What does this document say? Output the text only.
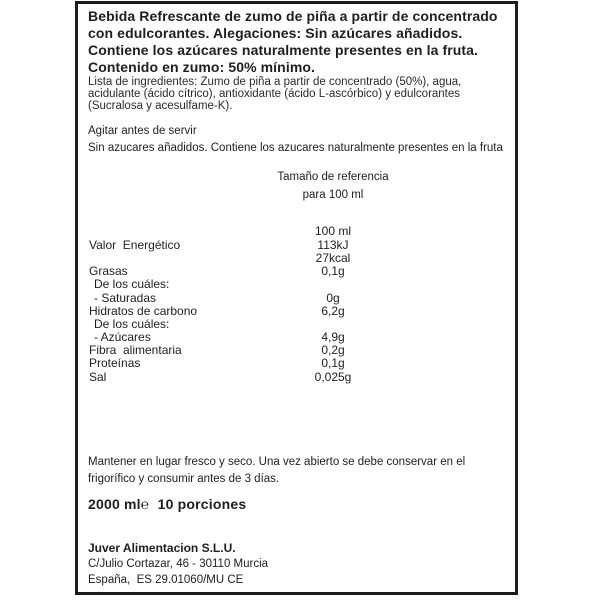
Bebida Refrescante de zumo de piña a partir de concentrado
con edulcorantes. Alegaciones: Sin azúcares añadidos.
Contiene los azúcares naturalmente presentes en la fruta.
Contenido en zumo: 50% mínimo.
Lista de ingredientes: Zumo de piña a partir de concentrado (50%), agua,
acidulante (ácido cítrico), antioxidante (ácido L-ascórbico) y edulcorantes
(Sucralosa y acesulfame-K).
Agitar antes de servir
Sin azucares añadidos. Contiene los azucares naturalmente presentes en la fruta
Tamaño de referencia
para 100 ml
100 ml
Valor  Energético	113kJ
27kcal
Grasas	0,1g
De los cuáles:
- Saturadas	0g
Hidratos de carbono	6,2g
De los cuáles:
- Azúcares	4,9g
Fibra  alimentaria	0,2g
Proteínas	0,1g
Sal	0,025g
Mantener en lugar fresco y seco. Una vez abierto se debe conservar en el
frigorífico y consumir antes de 3 días.
2000 ml℮ 10 porciones
Juver Alimentacion S.L.U.
C/Julio Cortazar, 46 - 30110 Murcia
España,  ES 29.01060/MU CE
